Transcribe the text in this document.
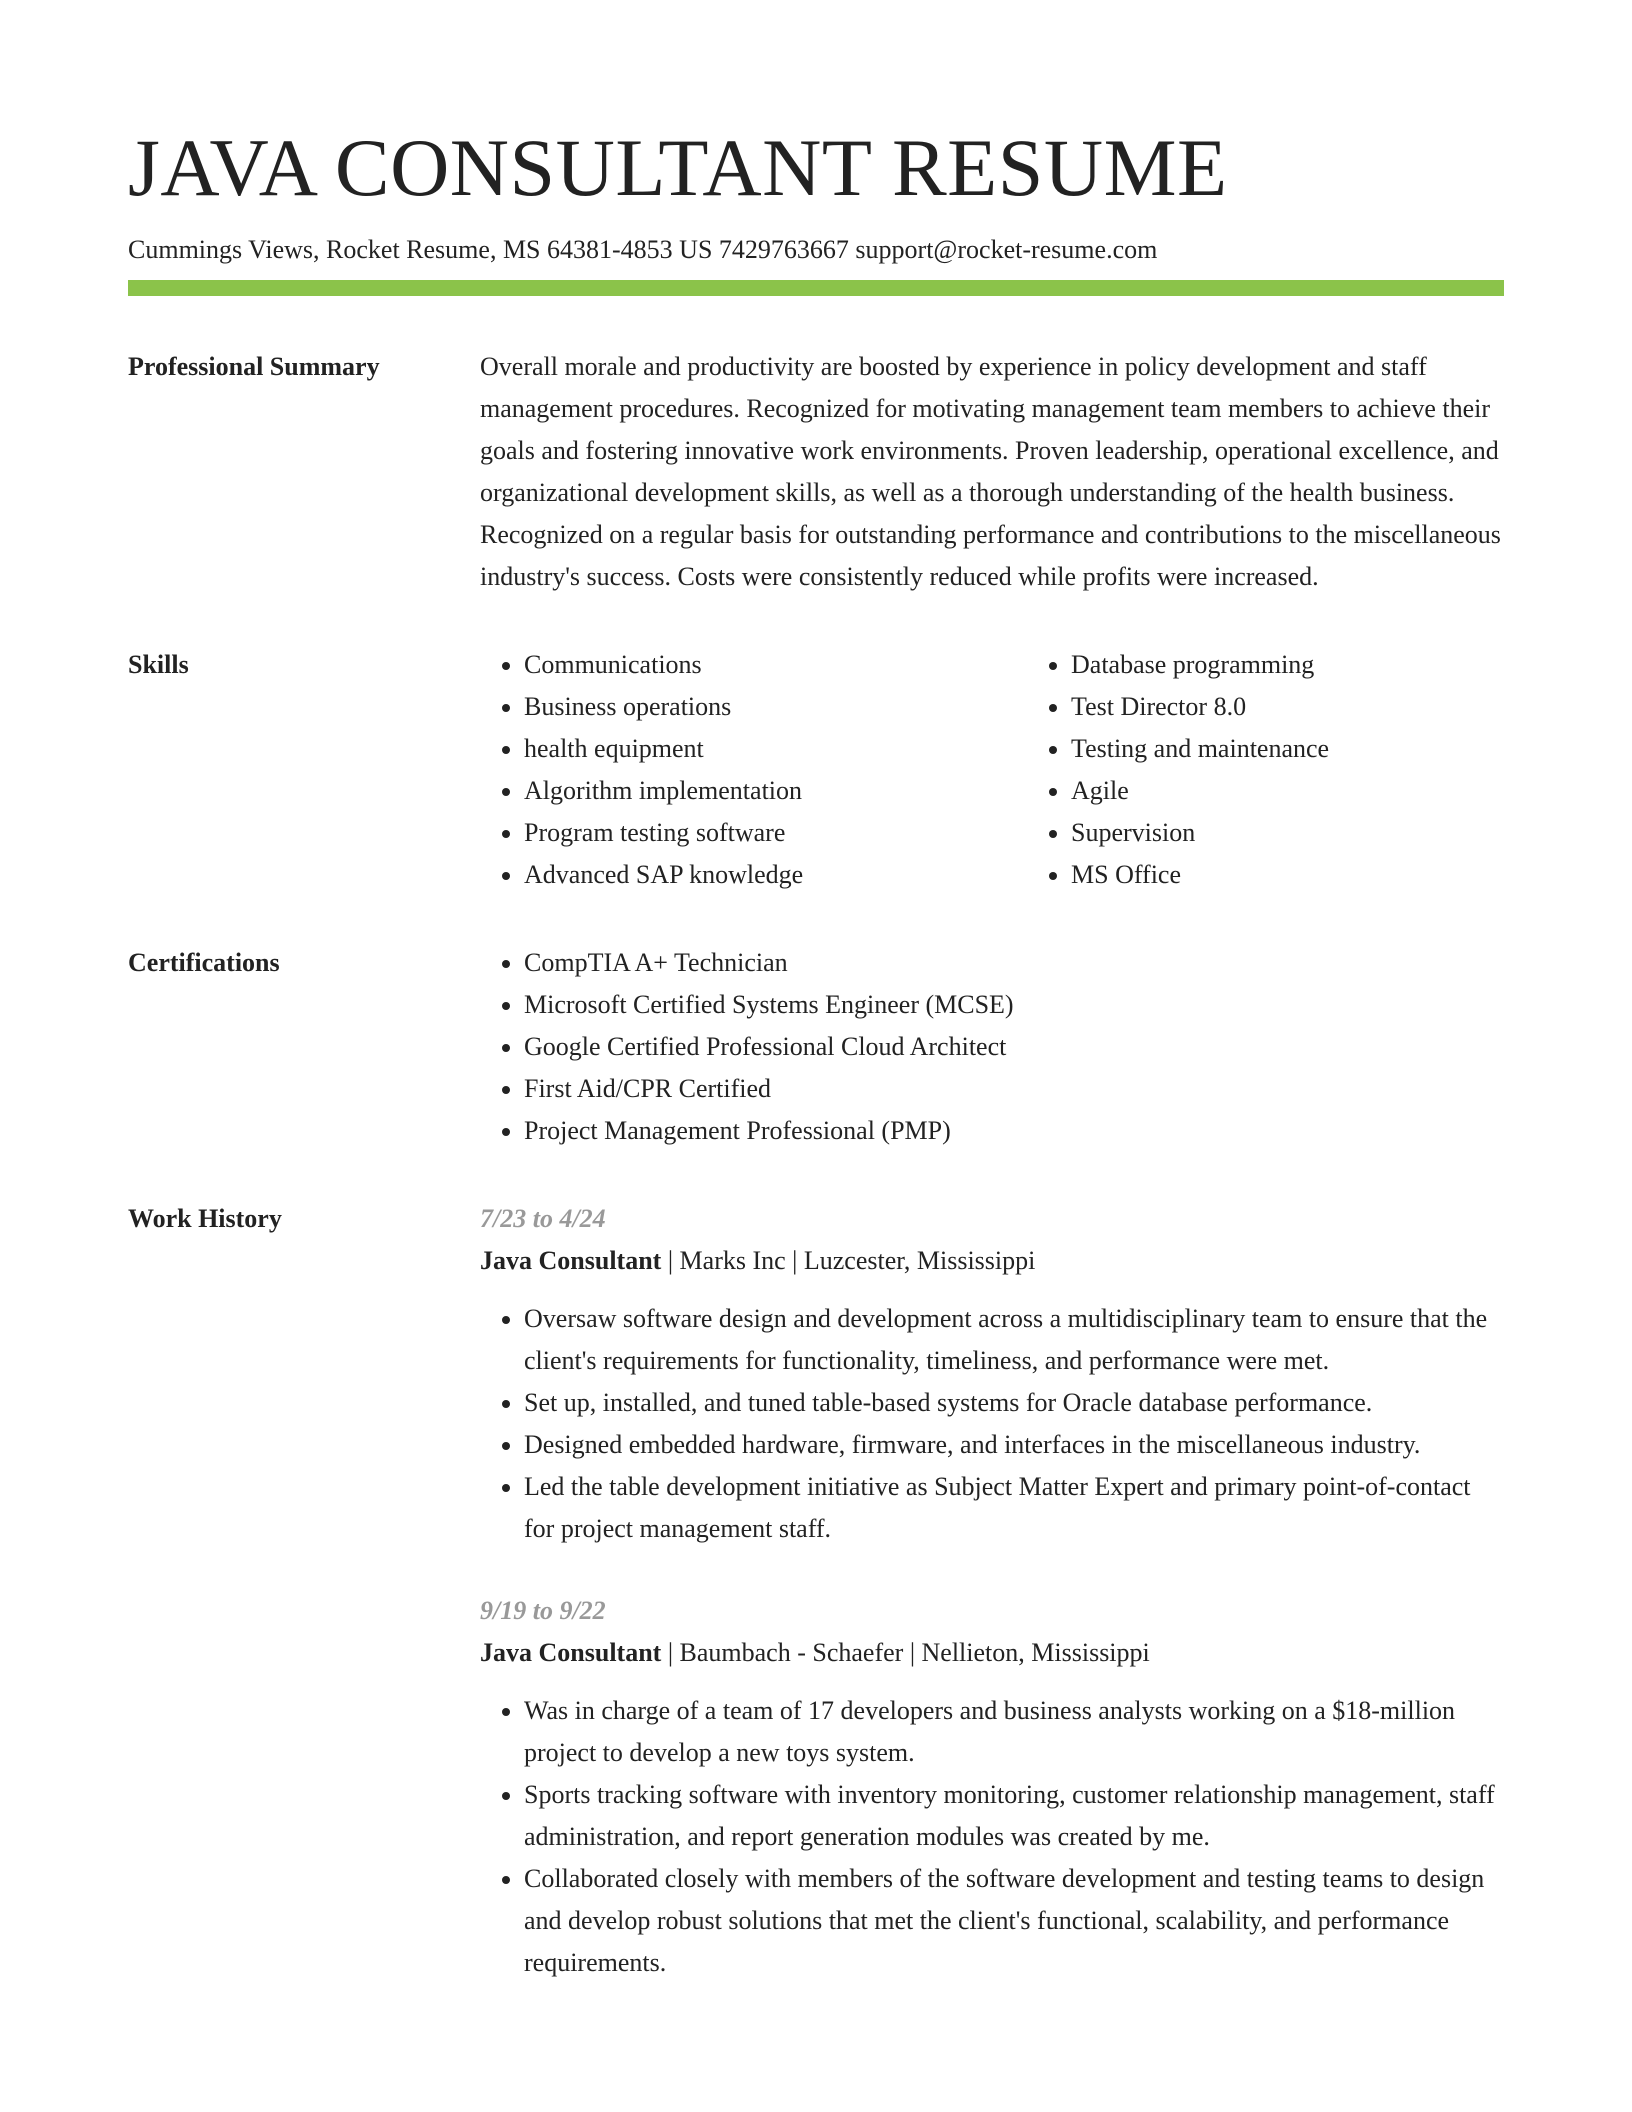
JAVA CONSULTANT RESUME
Cummings Views, Rocket Resume, MS 64381-4853 US 7429763667 support@rocket-resume.com
Professional Summary	Overall morale and productivity are boosted by experience in policy development and staff management procedures. Recognized for motivating management team members to achieve their goals and fostering innovative work environments. Proven leadership, operational excellence, and organizational development skills, as well as a thorough understanding of the health business. Recognized on a regular basis for outstanding performance and contributions to the miscellaneous industry's success. Costs were consistently reduced while profits were increased.

Skills	• Communications
• Business operations
• health equipment
• Algorithm implementation
• Program testing software
• Advanced SAP knowledge
• Database programming
• Test Director 8.0
• Testing and maintenance
• Agile
• Supervision
• MS Office
Certifications	• CompTIA A+ Technician
• Microsoft Certified Systems Engineer (MCSE)
• Google Certified Professional Cloud Architect
• First Aid/CPR Certified
• Project Management Professional (PMP)
Work History	7/23 to 4/24
Java Consultant | Marks Inc | Luzcester, Mississippi
• Oversaw software design and development across a multidisciplinary team to ensure that the client's requirements for functionality, timeliness, and performance were met.
• Set up, installed, and tuned table-based systems for Oracle database performance.
• Designed embedded hardware, firmware, and interfaces in the miscellaneous industry.
• Led the table development initiative as Subject Matter Expert and primary point-of-contact for project management staff.
9/19 to 9/22
Java Consultant | Baumbach - Schaefer | Nellieton, Mississippi
• Was in charge of a team of 17 developers and business analysts working on a $18-million project to develop a new toys system.
• Sports tracking software with inventory monitoring, customer relationship management, staff administration, and report generation modules was created by me.
• Collaborated closely with members of the software development and testing teams to design and develop robust solutions that met the client's functional, scalability, and performance requirements.
